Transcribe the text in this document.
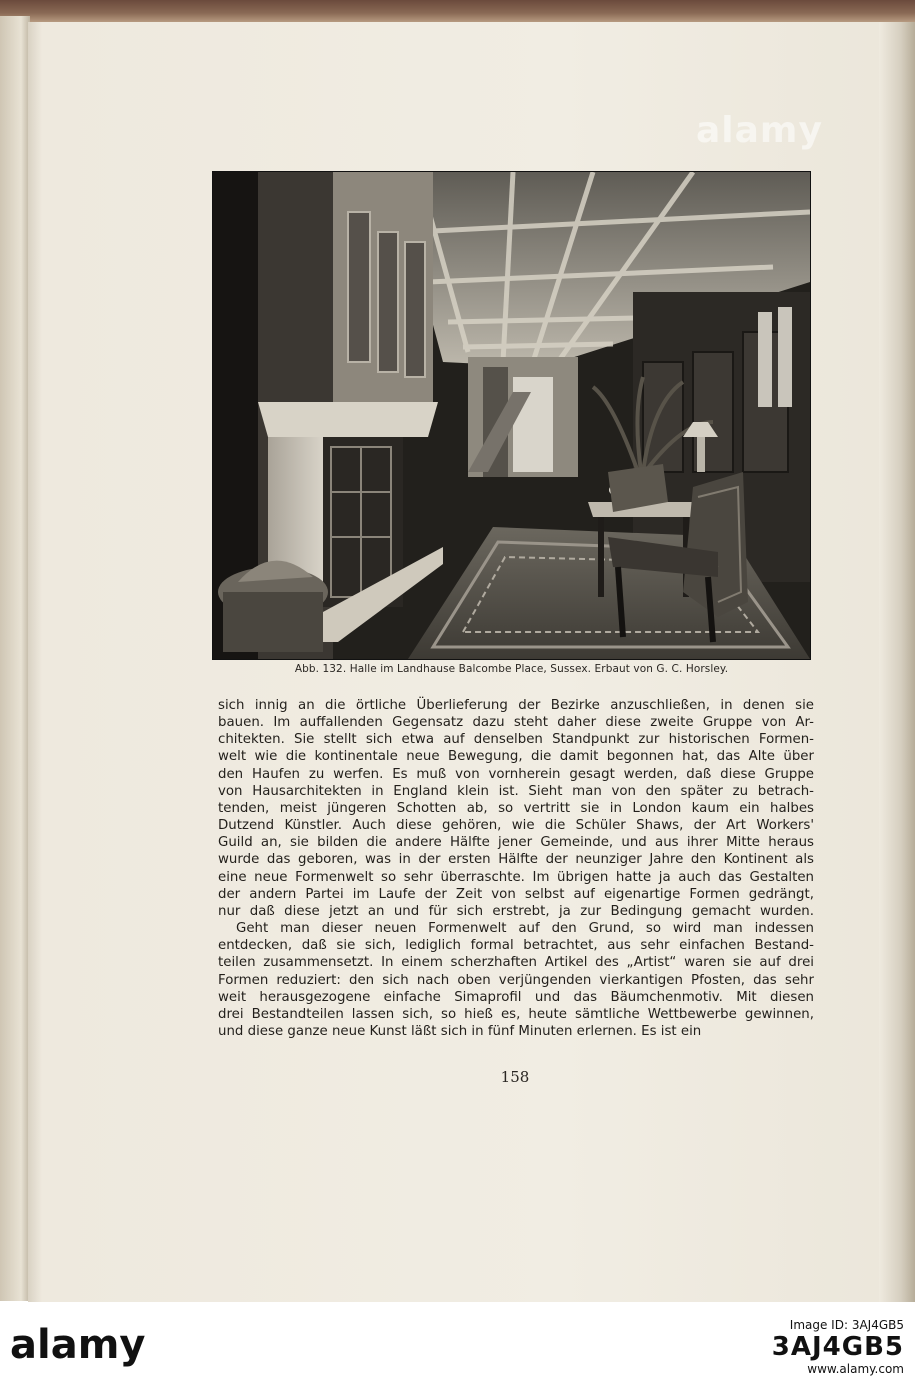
alamy
Abb. 132. Halle im Landhause Balcombe Place, Sussex. Erbaut von G. C. Horsley.
sich innig an die örtliche Überlieferung der Bezirke anzuschließen, in denen sie
bauen. Im auffallenden Gegensatz dazu steht daher diese zweite Gruppe von Ar-
chitekten. Sie stellt sich etwa auf denselben Standpunkt zur historischen Formen-
welt wie die kontinentale neue Bewegung, die damit begonnen hat, das Alte über
den Haufen zu werfen. Es muß von vornherein gesagt werden, daß diese Gruppe
von Hausarchitekten in England klein ist. Sieht man von den später zu betrach-
tenden, meist jüngeren Schotten ab, so vertritt sie in London kaum ein halbes
Dutzend Künstler. Auch diese gehören, wie die Schüler Shaws, der Art Workers'
Guild an, sie bilden die andere Hälfte jener Gemeinde, und aus ihrer Mitte heraus
wurde das geboren, was in der ersten Hälfte der neunziger Jahre den Kontinent als
eine neue Formenwelt so sehr überraschte. Im übrigen hatte ja auch das Gestalten
der andern Partei im Laufe der Zeit von selbst auf eigenartige Formen gedrängt,
nur daß diese jetzt an und für sich erstrebt, ja zur Bedingung gemacht wurden.
Geht man dieser neuen Formenwelt auf den Grund, so wird man indessen
entdecken, daß sie sich, lediglich formal betrachtet, aus sehr einfachen Bestand-
teilen zusammensetzt. In einem scherzhaften Artikel des „Artist“ waren sie auf drei
Formen reduziert: den sich nach oben verjüngenden vierkantigen Pfosten, das sehr
weit herausgezogene einfache Simaprofil und das Bäumchenmotiv. Mit diesen
drei Bestandteilen lassen sich, so hieß es, heute sämtliche Wettbewerbe gewinnen,
und diese ganze neue Kunst läßt sich in fünf Minuten erlernen. Es ist ein
158
alamy	Image ID: 3AJ4GB5
3AJ4GB5
www.alamy.com
